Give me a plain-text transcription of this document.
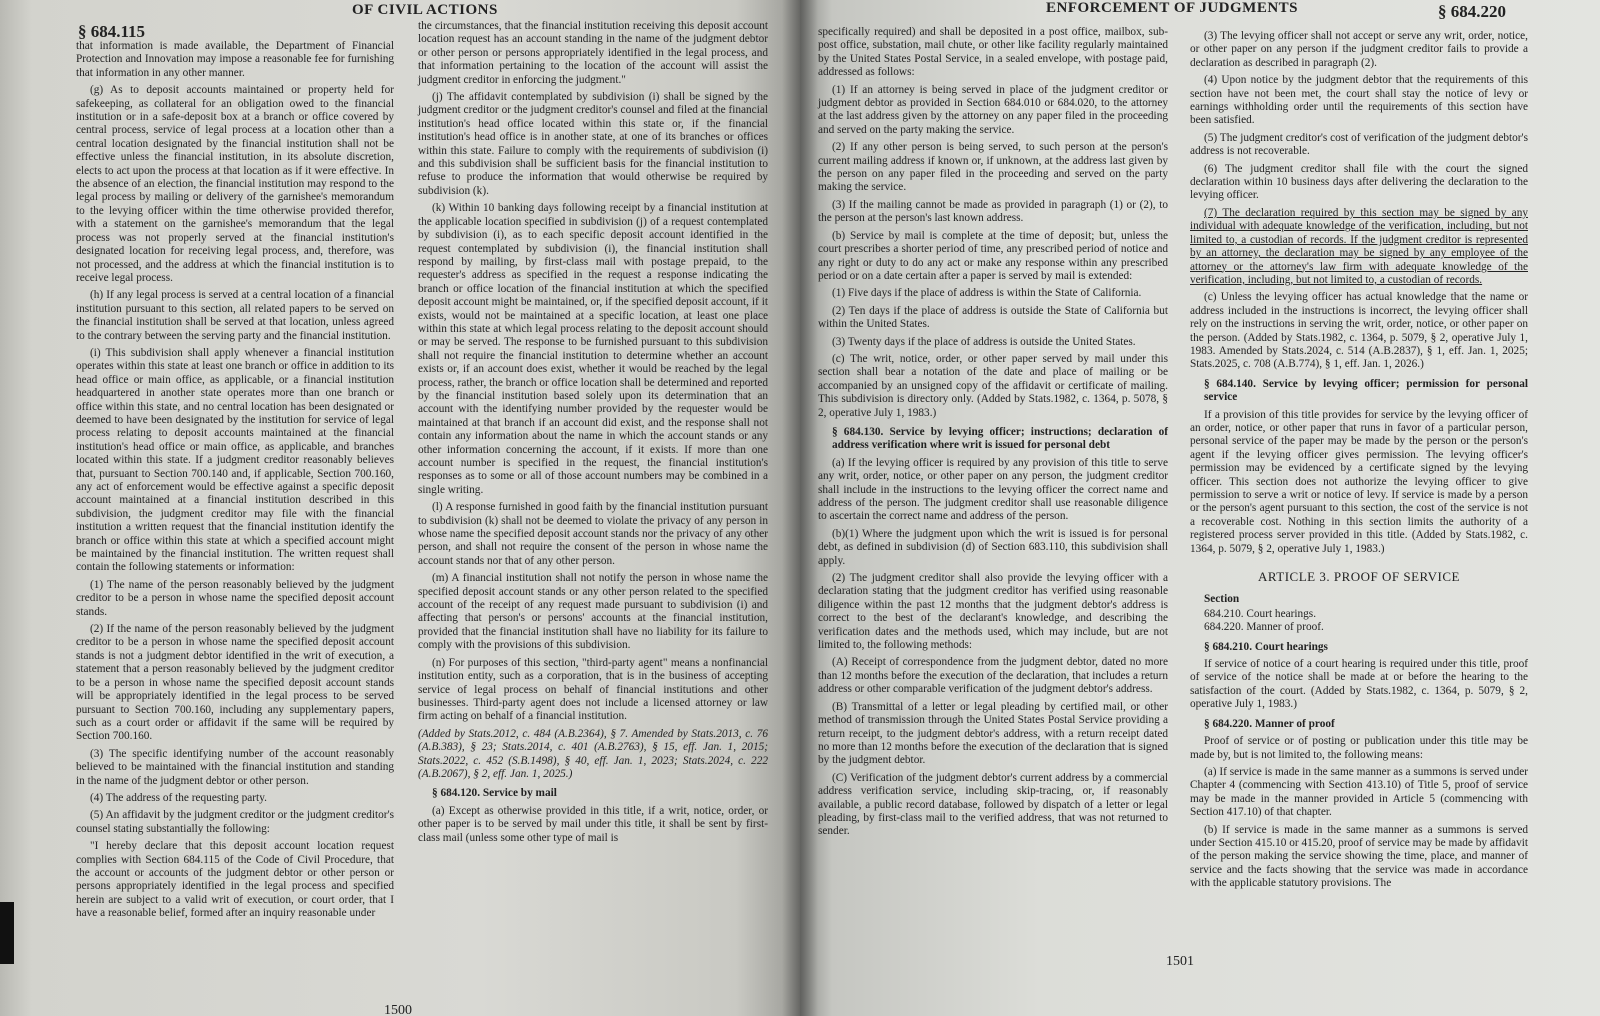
§ 684.115
OF CIVIL ACTIONS

that information is made available, the Department of Financial Protection and Innovation may impose a reasonable fee for furnishing that information in any other manner.

(g) As to deposit accounts maintained or property held for safekeeping, as collateral for an obligation owed to the financial institution or in a safe-deposit box at a branch or office covered by central process, service of legal process at a location other than a central location designated by the financial institution shall not be effective unless the financial institution, in its absolute discretion, elects to act upon the process at that location as if it were effective. In the absence of an election, the financial institution may respond to the legal process by mailing or delivery of the garnishee's memorandum to the levying officer within the time otherwise provided therefor, with a statement on the garnishee's memorandum that the legal process was not properly served at the financial institution's designated location for receiving legal process, and, therefore, was not processed, and the address at which the financial institution is to receive legal process.

(h) If any legal process is served at a central location of a financial institution pursuant to this section, all related papers to be served on the financial institution shall be served at that location, unless agreed to the contrary between the serving party and the financial institution.

(i) This subdivision shall apply whenever a financial institution operates within this state at least one branch or office in addition to its head office or main office, as applicable, or a financial institution headquartered in another state operates more than one branch or office within this state, and no central location has been designated or deemed to have been designated by the institution for service of legal process relating to deposit accounts maintained at the financial institution's head office or main office, as applicable, and branches located within this state. If a judgment creditor reasonably believes that, pursuant to Section 700.140 and, if applicable, Section 700.160, any act of enforcement would be effective against a specific deposit account maintained at a financial institution described in this subdivision, the judgment creditor may file with the financial institution a written request that the financial institution identify the branch or office within this state at which a specified account might be maintained by the financial institution. The written request shall contain the following statements or information:

(1) The name of the person reasonably believed by the judgment creditor to be a person in whose name the specified deposit account stands.

(2) If the name of the person reasonably believed by the judgment creditor to be a person in whose name the specified deposit account stands is not a judgment debtor identified in the writ of execution, a statement that a person reasonably believed by the judgment creditor to be a person in whose name the specified deposit account stands will be appropriately identified in the legal process to be served pursuant to Section 700.160, including any supplementary papers, such as a court order or affidavit if the same will be required by Section 700.160.

(3) The specific identifying number of the account reasonably believed to be maintained with the financial institution and standing in the name of the judgment debtor or other person.

(4) The address of the requesting party.

(5) An affidavit by the judgment creditor or the judgment creditor's counsel stating substantially the following:

"I hereby declare that this deposit account location request complies with Section 684.115 of the Code of Civil Procedure, that the account or accounts of the judgment debtor or other person or persons appropriately identified in the legal process and specified herein are subject to a valid writ of execution, or court order, that I have a reasonable belief, formed after an inquiry reasonable under

the circumstances, that the financial institution receiving this deposit account location request has an account standing in the name of the judgment debtor or other person or persons appropriately identified in the legal process, and that information pertaining to the location of the account will assist the judgment creditor in enforcing the judgment."

(j) The affidavit contemplated by subdivision (i) shall be signed by the judgment creditor or the judgment creditor's counsel and filed at the financial institution's head office located within this state or, if the financial institution's head office is in another state, at one of its branches or offices within this state. Failure to comply with the requirements of subdivision (i) and this subdivision shall be sufficient basis for the financial institution to refuse to produce the information that would otherwise be required by subdivision (k).

(k) Within 10 banking days following receipt by a financial institution at the applicable location specified in subdivision (j) of a request contemplated by subdivision (i), as to each specific deposit account identified in the request contemplated by subdivision (i), the financial institution shall respond by mailing, by first-class mail with postage prepaid, to the requester's address as specified in the request a response indicating the branch or office location of the financial institution at which the specified deposit account might be maintained, or, if the specified deposit account, if it exists, would not be maintained at a specific location, at least one place within this state at which legal process relating to the deposit account should or may be served. The response to be furnished pursuant to this subdivision shall not require the financial institution to determine whether an account exists or, if an account does exist, whether it would be reached by the legal process, rather, the branch or office location shall be determined and reported by the financial institution based solely upon its determination that an account with the identifying number provided by the requester would be maintained at that branch if an account did exist, and the response shall not contain any information about the name in which the account stands or any other information concerning the account, if it exists. If more than one account number is specified in the request, the financial institution's responses as to some or all of those account numbers may be combined in a single writing.

(l) A response furnished in good faith by the financial institution pursuant to subdivision (k) shall not be deemed to violate the privacy of any person in whose name the specified deposit account stands nor the privacy of any other person, and shall not require the consent of the person in whose name the account stands nor that of any other person.

(m) A financial institution shall not notify the person in whose name the specified deposit account stands or any other person related to the specified account of the receipt of any request made pursuant to subdivision (i) and affecting that person's or persons' accounts at the financial institution, provided that the financial institution shall have no liability for its failure to comply with the provisions of this subdivision.

(n) For purposes of this section, "third-party agent" means a nonfinancial institution entity, such as a corporation, that is in the business of accepting service of legal process on behalf of financial institutions and other businesses. Third-party agent does not include a licensed attorney or law firm acting on behalf of a financial institution.

(Added by Stats.2012, c. 484 (A.B.2364), § 7. Amended by Stats.2013, c. 76 (A.B.383), § 23; Stats.2014, c. 401 (A.B.2763), § 15, eff. Jan. 1, 2015; Stats.2022, c. 452 (S.B.1498), § 40, eff. Jan. 1, 2023; Stats.2024, c. 222 (A.B.2067), § 2, eff. Jan. 1, 2025.)

§ 684.120. Service by mail

(a) Except as otherwise provided in this title, if a writ, notice, order, or other paper is to be served by mail under this title, it shall be sent by first-class mail (unless some other type of mail is

1500
ENFORCEMENT OF JUDGMENTS	§ 684.220

specifically required) and shall be deposited in a post office, mailbox, sub-post office, substation, mail chute, or other like facility regularly maintained by the United States Postal Service, in a sealed envelope, with postage paid, addressed as follows:

(1) If an attorney is being served in place of the judgment creditor or judgment debtor as provided in Section 684.010 or 684.020, to the attorney at the last address given by the attorney on any paper filed in the proceeding and served on the party making the service.

(2) If any other person is being served, to such person at the person's current mailing address if known or, if unknown, at the address last given by the person on any paper filed in the proceeding and served on the party making the service.

(3) If the mailing cannot be made as provided in paragraph (1) or (2), to the person at the person's last known address.

(b) Service by mail is complete at the time of deposit; but, unless the court prescribes a shorter period of time, any prescribed period of notice and any right or duty to do any act or make any response within any prescribed period or on a date certain after a paper is served by mail is extended:

(1) Five days if the place of address is within the State of California.

(2) Ten days if the place of address is outside the State of California but within the United States.

(3) Twenty days if the place of address is outside the United States.

(c) The writ, notice, order, or other paper served by mail under this section shall bear a notation of the date and place of mailing or be accompanied by an unsigned copy of the affidavit or certificate of mailing. This subdivision is directory only. (Added by Stats.1982, c. 1364, p. 5078, § 2, operative July 1, 1983.)

§ 684.130. Service by levying officer; instructions; declaration of address verification where writ is issued for personal debt

(a) If the levying officer is required by any provision of this title to serve any writ, order, notice, or other paper on any person, the judgment creditor shall include in the instructions to the levying officer the correct name and address of the person. The judgment creditor shall use reasonable diligence to ascertain the correct name and address of the person.

(b)(1) Where the judgment upon which the writ is issued is for personal debt, as defined in subdivision (d) of Section 683.110, this subdivision shall apply.

(2) The judgment creditor shall also provide the levying officer with a declaration stating that the judgment creditor has verified using reasonable diligence within the past 12 months that the judgment debtor's address is correct to the best of the declarant's knowledge, and describing the verification dates and the methods used, which may include, but are not limited to, the following methods:

(A) Receipt of correspondence from the judgment debtor, dated no more than 12 months before the execution of the declaration, that includes a return address or other comparable verification of the judgment debtor's address.

(B) Transmittal of a letter or legal pleading by certified mail, or other method of transmission through the United States Postal Service providing a return receipt, to the judgment debtor's address, with a return receipt dated no more than 12 months before the execution of the declaration that is signed by the judgment debtor.

(C) Verification of the judgment debtor's current address by a commercial address verification service, including skip-tracing, or, if reasonably available, a public record database, followed by dispatch of a letter or legal pleading, by first-class mail to the verified address, that was not returned to sender.

(3) The levying officer shall not accept or serve any writ, order, notice, or other paper on any person if the judgment creditor fails to provide a declaration as described in paragraph (2).

(4) Upon notice by the judgment debtor that the requirements of this section have not been met, the court shall stay the notice of levy or earnings withholding order until the requirements of this section have been satisfied.

(5) The judgment creditor's cost of verification of the judgment debtor's address is not recoverable.

(6) The judgment creditor shall file with the court the signed declaration within 10 business days after delivering the declaration to the levying officer.

(7) The declaration required by this section may be signed by any individual with adequate knowledge of the verification, including, but not limited to, a custodian of records. If the judgment creditor is represented by an attorney, the declaration may be signed by any employee of the attorney or the attorney's law firm with adequate knowledge of the verification, including, but not limited to, a custodian of records.

(c) Unless the levying officer has actual knowledge that the name or address included in the instructions is incorrect, the levying officer shall rely on the instructions in serving the writ, order, notice, or other paper on the person. (Added by Stats.1982, c. 1364, p. 5079, § 2, operative July 1, 1983. Amended by Stats.2024, c. 514 (A.B.2837), § 1, eff. Jan. 1, 2025; Stats.2025, c. 708 (A.B.774), § 1, eff. Jan. 1, 2026.)

§ 684.140. Service by levying officer; permission for personal service

If a provision of this title provides for service by the levying officer of an order, notice, or other paper that runs in favor of a particular person, personal service of the paper may be made by the person or the person's agent if the levying officer gives permission. The levying officer's permission may be evidenced by a certificate signed by the levying officer. This section does not authorize the levying officer to give permission to serve a writ or notice of levy. If service is made by a person or the person's agent pursuant to this section, the cost of the service is not a recoverable cost. Nothing in this section limits the authority of a registered process server provided in this title. (Added by Stats.1982, c. 1364, p. 5079, § 2, operative July 1, 1983.)

ARTICLE 3. PROOF OF SERVICE

Section

684.210. Court hearings.

684.220. Manner of proof.

§ 684.210. Court hearings

If service of notice of a court hearing is required under this title, proof of service of the notice shall be made at or before the hearing to the satisfaction of the court. (Added by Stats.1982, c. 1364, p. 5079, § 2, operative July 1, 1983.)

§ 684.220. Manner of proof

Proof of service or of posting or publication under this title may be made by, but is not limited to, the following means:

(a) If service is made in the same manner as a summons is served under Chapter 4 (commencing with Section 413.10) of Title 5, proof of service may be made in the manner provided in Article 5 (commencing with Section 417.10) of that chapter.

(b) If service is made in the same manner as a summons is served under Section 415.10 or 415.20, proof of service may be made by affidavit of the person making the service showing the time, place, and manner of service and the facts showing that the service was made in accordance with the applicable statutory provisions. The

1501
